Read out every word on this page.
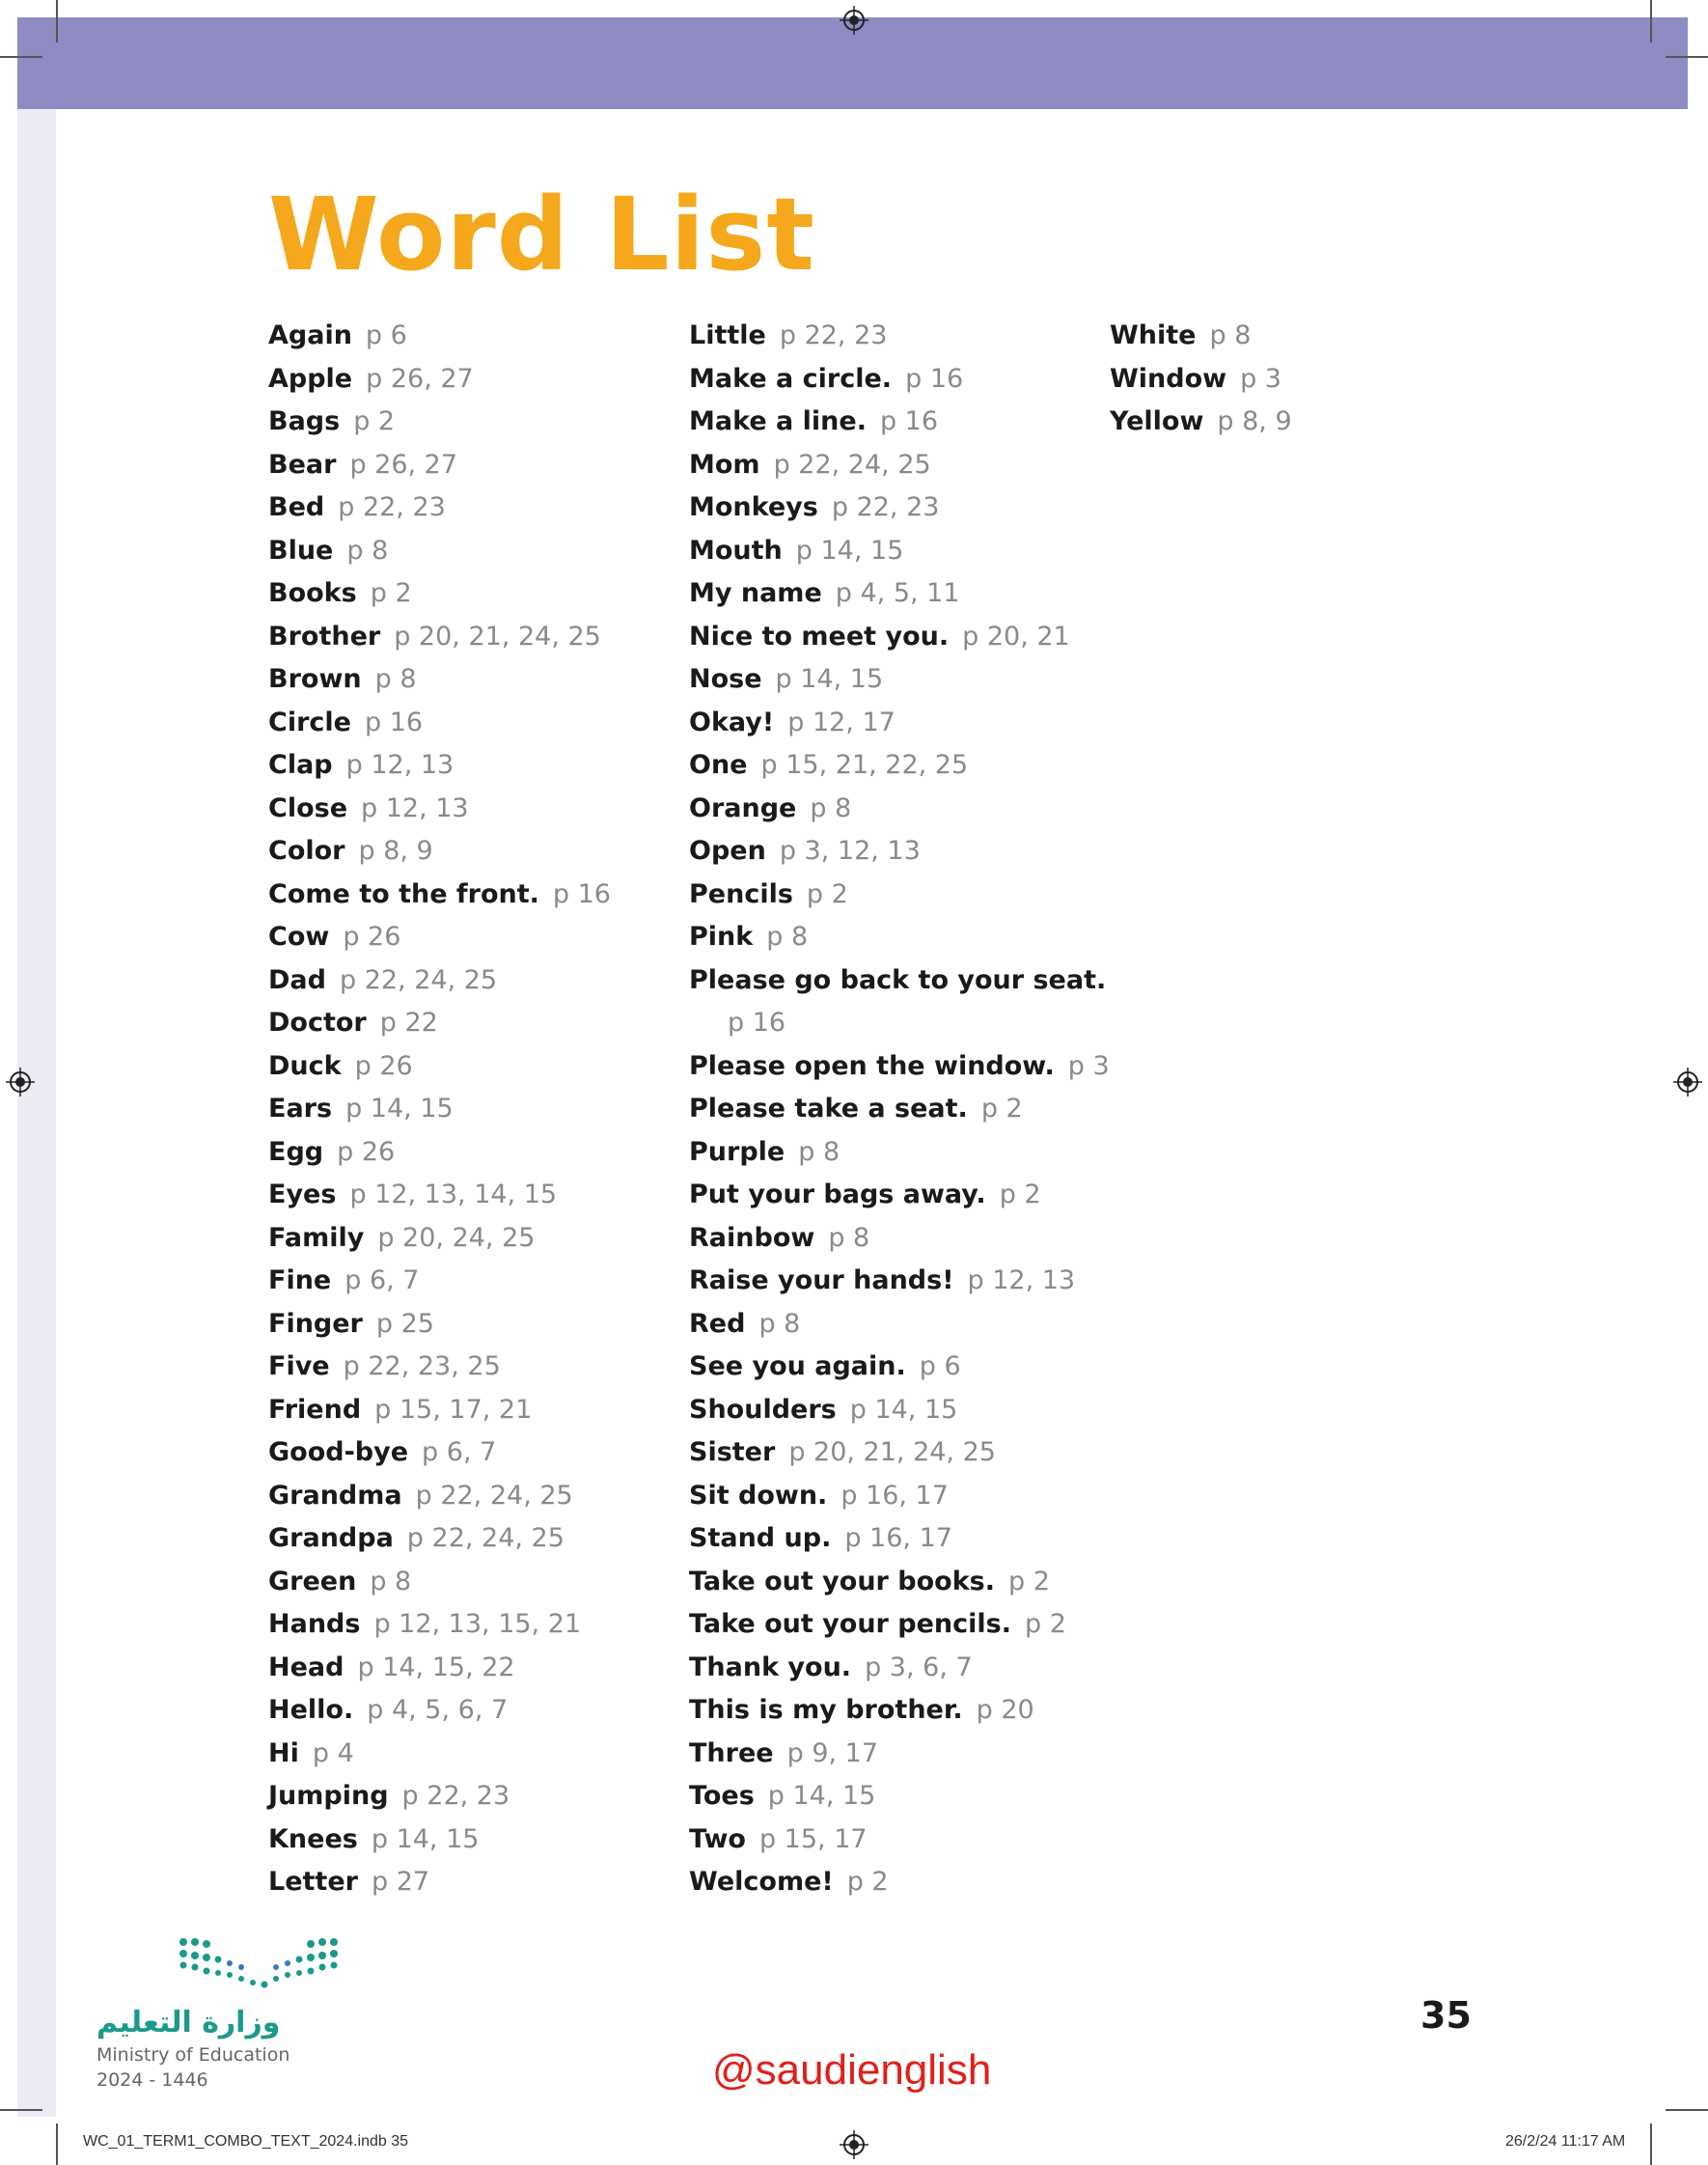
Word List
Again p 6
Apple p 26, 27
Bags p 2
Bear p 26, 27
Bed p 22, 23
Blue p 8
Books p 2
Brother p 20, 21, 24, 25
Brown p 8
Circle p 16
Clap p 12, 13
Close p 12, 13
Color p 8, 9
Come to the front. p 16
Cow p 26
Dad p 22, 24, 25
Doctor p 22
Duck p 26
Ears p 14, 15
Egg p 26
Eyes p 12, 13, 14, 15
Family p 20, 24, 25
Fine p 6, 7
Finger p 25
Five p 22, 23, 25
Friend p 15, 17, 21
Good-bye p 6, 7
Grandma p 22, 24, 25
Grandpa p 22, 24, 25
Green p 8
Hands p 12, 13, 15, 21
Head p 14, 15, 22
Hello. p 4, 5, 6, 7
Hi p 4
Jumping p 22, 23
Knees p 14, 15
Letter p 27
Little p 22, 23
Make a circle. p 16
Make a line. p 16
Mom p 22, 24, 25
Monkeys p 22, 23
Mouth p 14, 15
My name p 4, 5, 11
Nice to meet you. p 20, 21
Nose p 14, 15
Okay! p 12, 17
One p 15, 21, 22, 25
Orange p 8
Open p 3, 12, 13
Pencils p 2
Pink p 8
Please go back to your seat.
p 16
Please open the window. p 3
Please take a seat. p 2
Purple p 8
Put your bags away. p 2
Rainbow p 8
Raise your hands! p 12, 13
Red p 8
See you again. p 6
Shoulders p 14, 15
Sister p 20, 21, 24, 25
Sit down. p 16, 17
Stand up. p 16, 17
Take out your books. p 2
Take out your pencils. p 2
Thank you. p 3, 6, 7
This is my brother. p 20
Three p 9, 17
Toes p 14, 15
Two p 15, 17
Welcome! p 2
White p 8
Window p 3
Yellow p 8, 9
وزارة التعليم
Ministry of Education
2024 - 1446
35
@saudienglish
WC_01_TERM1_COMBO_TEXT_2024.indb 35	26/2/24 11:17 AM
